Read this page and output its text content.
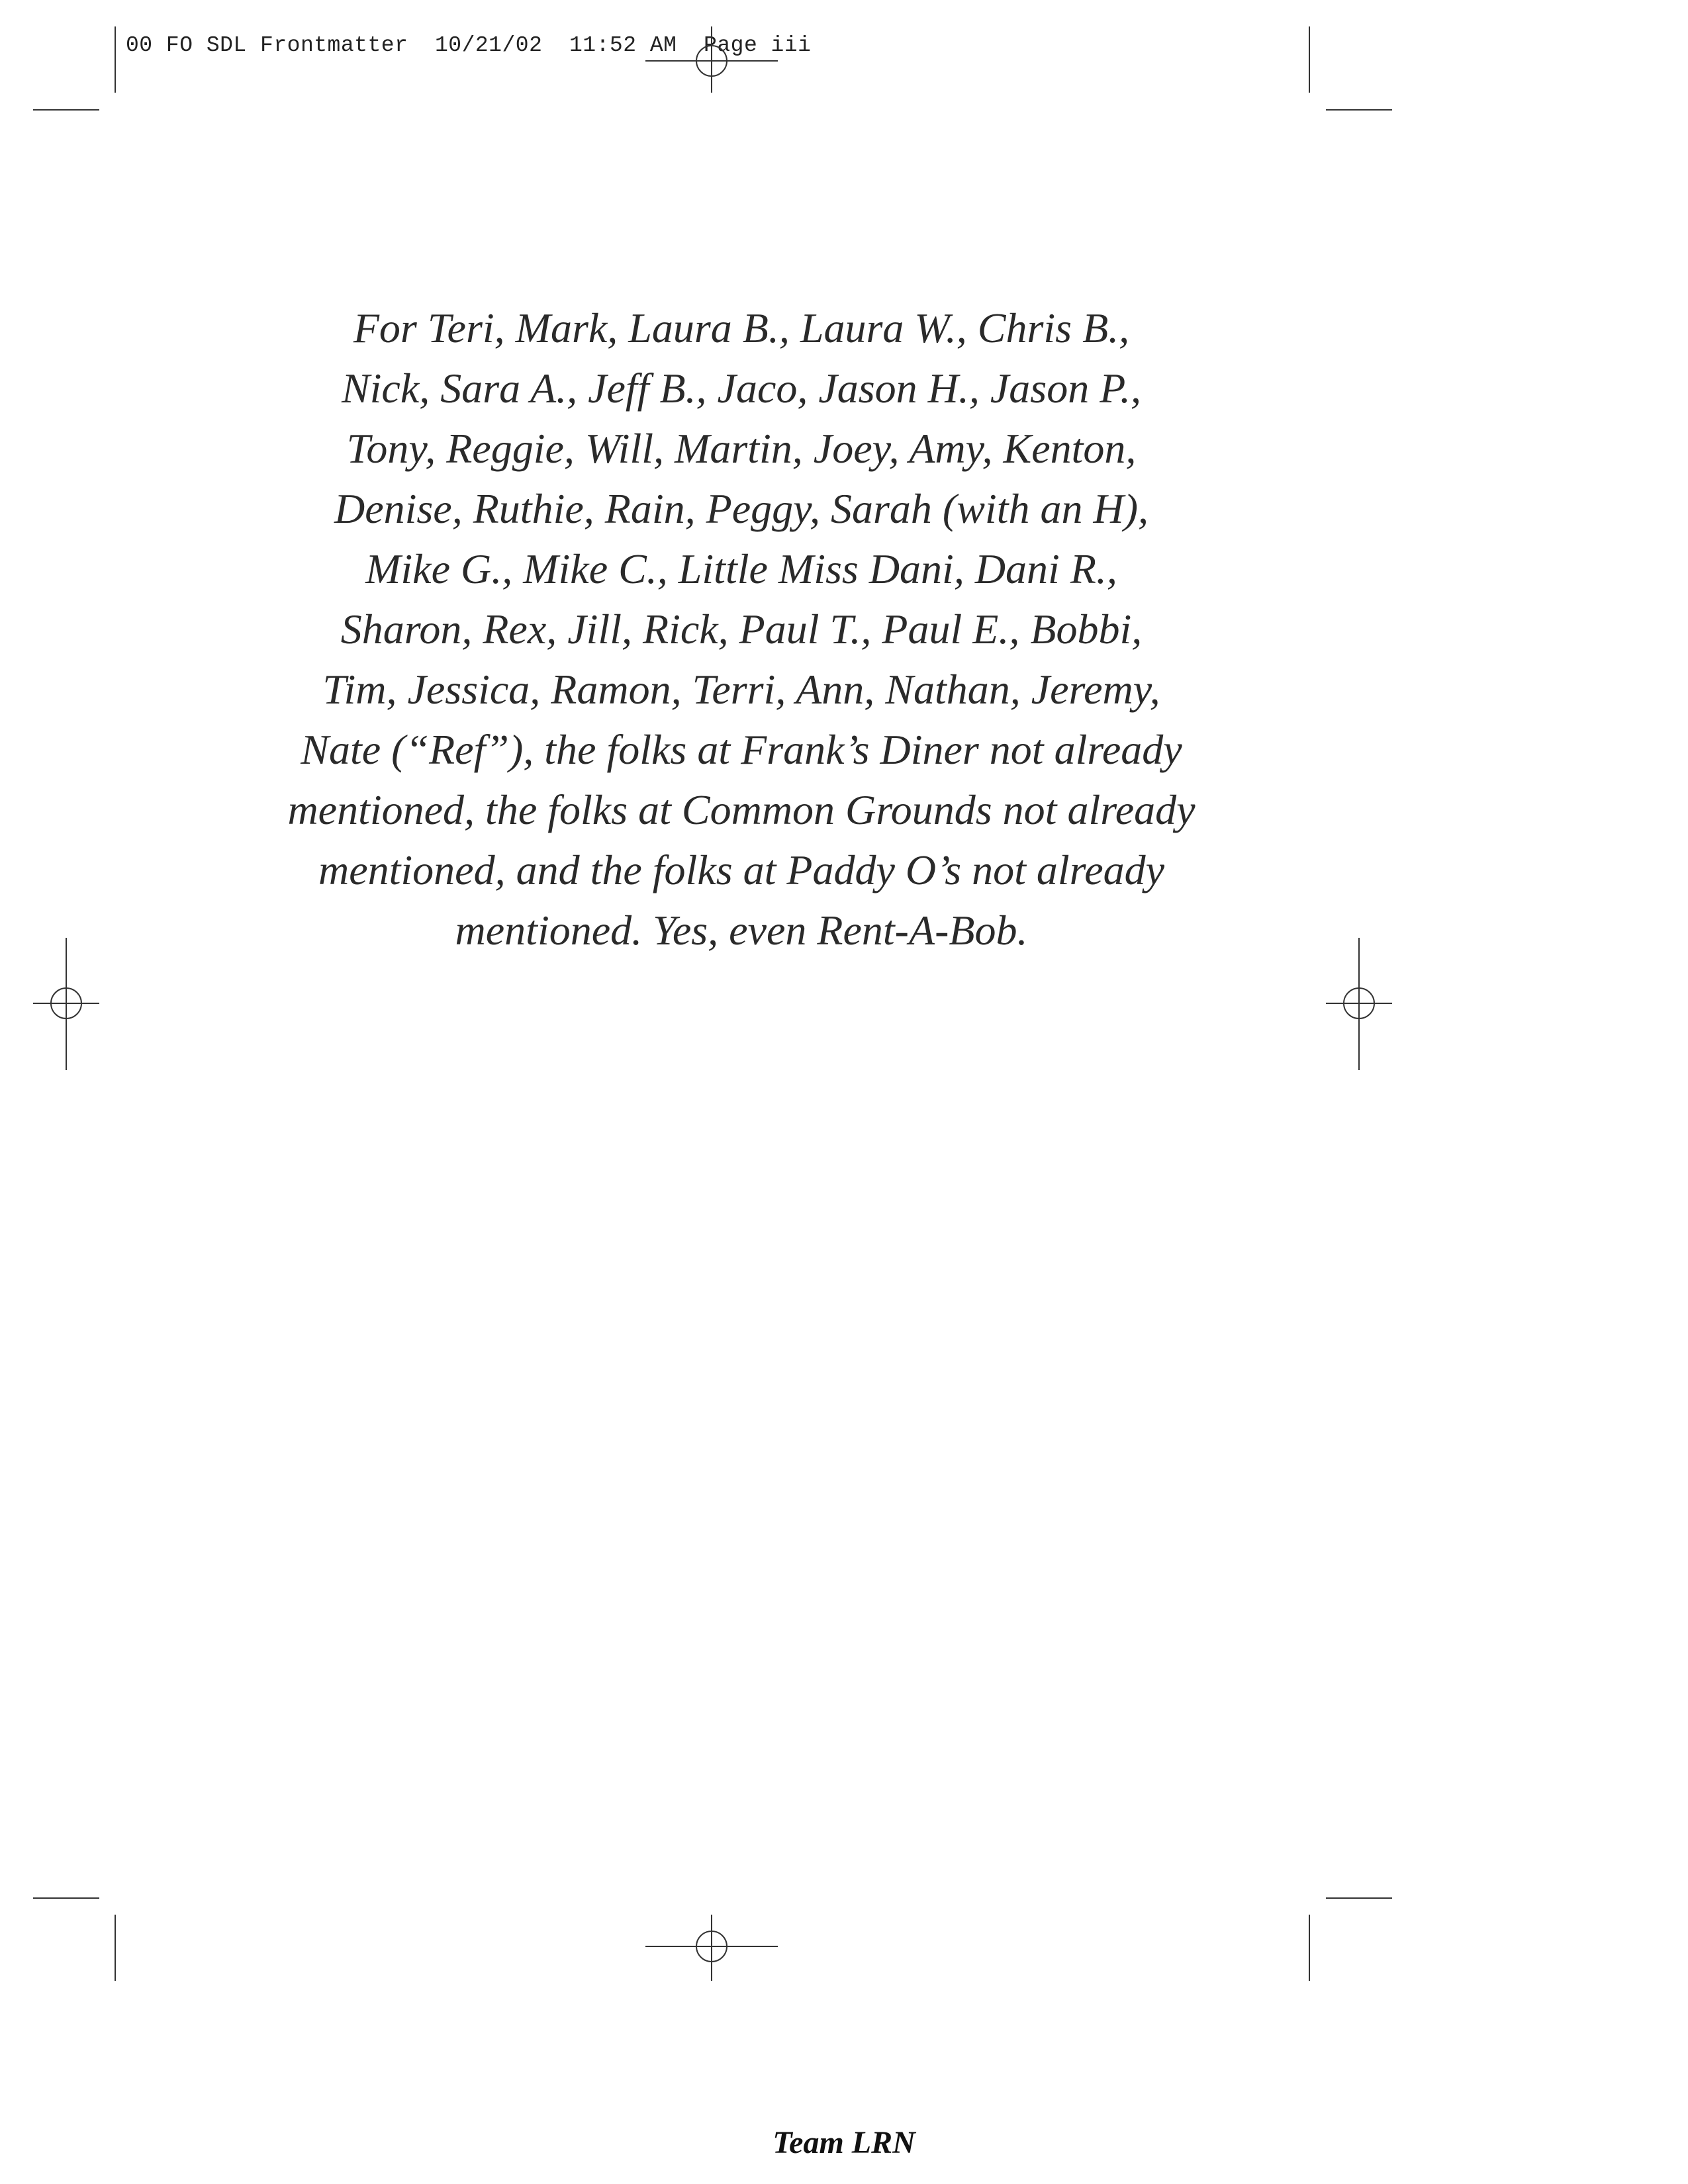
00 FO SDL Frontmatter  10/21/02  11:52 AM  Page iii

For Teri, Mark, Laura B., Laura W., Chris B.,
Nick, Sara A., Jeff B., Jaco, Jason H., Jason P.,
Tony, Reggie, Will, Martin, Joey, Amy, Kenton,
Denise, Ruthie, Rain, Peggy, Sarah (with an H),
Mike G., Mike C., Little Miss Dani, Dani R.,
Sharon, Rex, Jill, Rick, Paul T., Paul E., Bobbi,
Tim, Jessica, Ramon, Terri, Ann, Nathan, Jeremy,
Nate (“Ref”), the folks at Frank’s Diner not already
mentioned, the folks at Common Grounds not already
mentioned, and the folks at Paddy O’s not already
mentioned. Yes, even Rent-A-Bob.

Team LRN
